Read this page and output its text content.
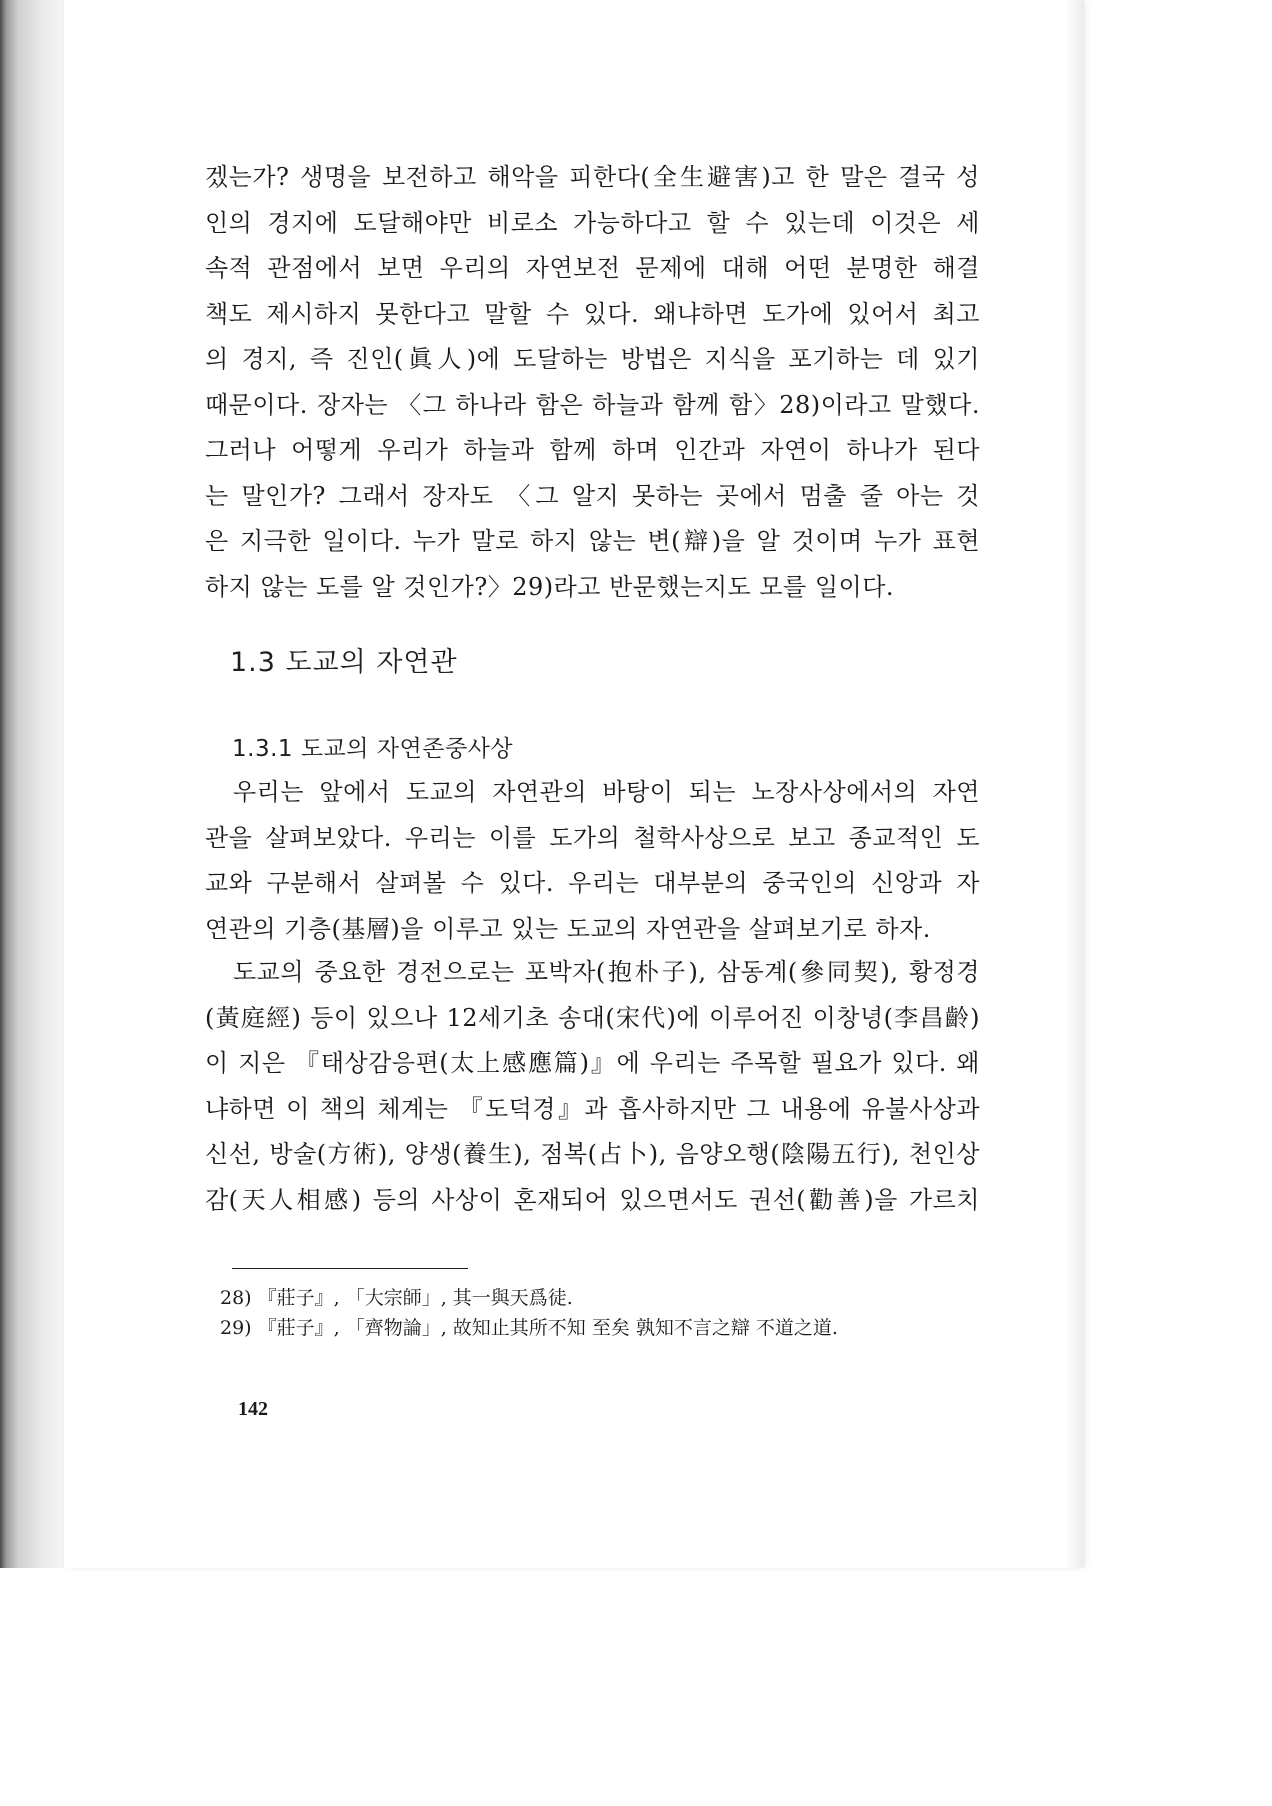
겠는가? 생명을 보전하고 해악을 피한다(全生避害)고 한 말은 결국 성
인의 경지에 도달해야만 비로소 가능하다고 할 수 있는데 이것은 세
속적 관점에서 보면 우리의 자연보전 문제에 대해 어떤 분명한 해결
책도 제시하지 못한다고 말할 수 있다. 왜냐하면 도가에 있어서 최고
의 경지, 즉 진인(眞人)에 도달하는 방법은 지식을 포기하는 데 있기
때문이다. 장자는 〈그 하나라 함은 하늘과 함께 함〉28)이라고 말했다.
그러나 어떻게 우리가 하늘과 함께 하며 인간과 자연이 하나가 된다
는 말인가? 그래서 장자도 〈그 알지 못하는 곳에서 멈출 줄 아는 것
은 지극한 일이다. 누가 말로 하지 않는 변(辯)을 알 것이며 누가 표현
하지 않는 도를 알 것인가?〉29)라고 반문했는지도 모를 일이다.
1.3 도교의 자연관
1.3.1 도교의 자연존중사상
우리는 앞에서 도교의 자연관의 바탕이 되는 노장사상에서의 자연
관을 살펴보았다. 우리는 이를 도가의 철학사상으로 보고 종교적인 도
교와 구분해서 살펴볼 수 있다. 우리는 대부분의 중국인의 신앙과 자
연관의 기층(基層)을 이루고 있는 도교의 자연관을 살펴보기로 하자.
도교의 중요한 경전으로는 포박자(抱朴子), 삼동계(參同契), 황정경
(黃庭經) 등이 있으나 12세기초 송대(宋代)에 이루어진 이창녕(李昌齡)
이 지은 『태상감응편(太上感應篇)』에 우리는 주목할 필요가 있다. 왜
냐하면 이 책의 체계는 『도덕경』과 흡사하지만 그 내용에 유불사상과
신선, 방술(方術), 양생(養生), 점복(占卜), 음양오행(陰陽五行), 천인상
감(天人相感) 등의 사상이 혼재되어 있으면서도 권선(勸善)을 가르치
28) 『莊子』, 「大宗師」, 其一與天爲徒.
29) 『莊子』, 「齊物論」, 故知止其所不知 至矣 孰知不言之辯 不道之道.
142
